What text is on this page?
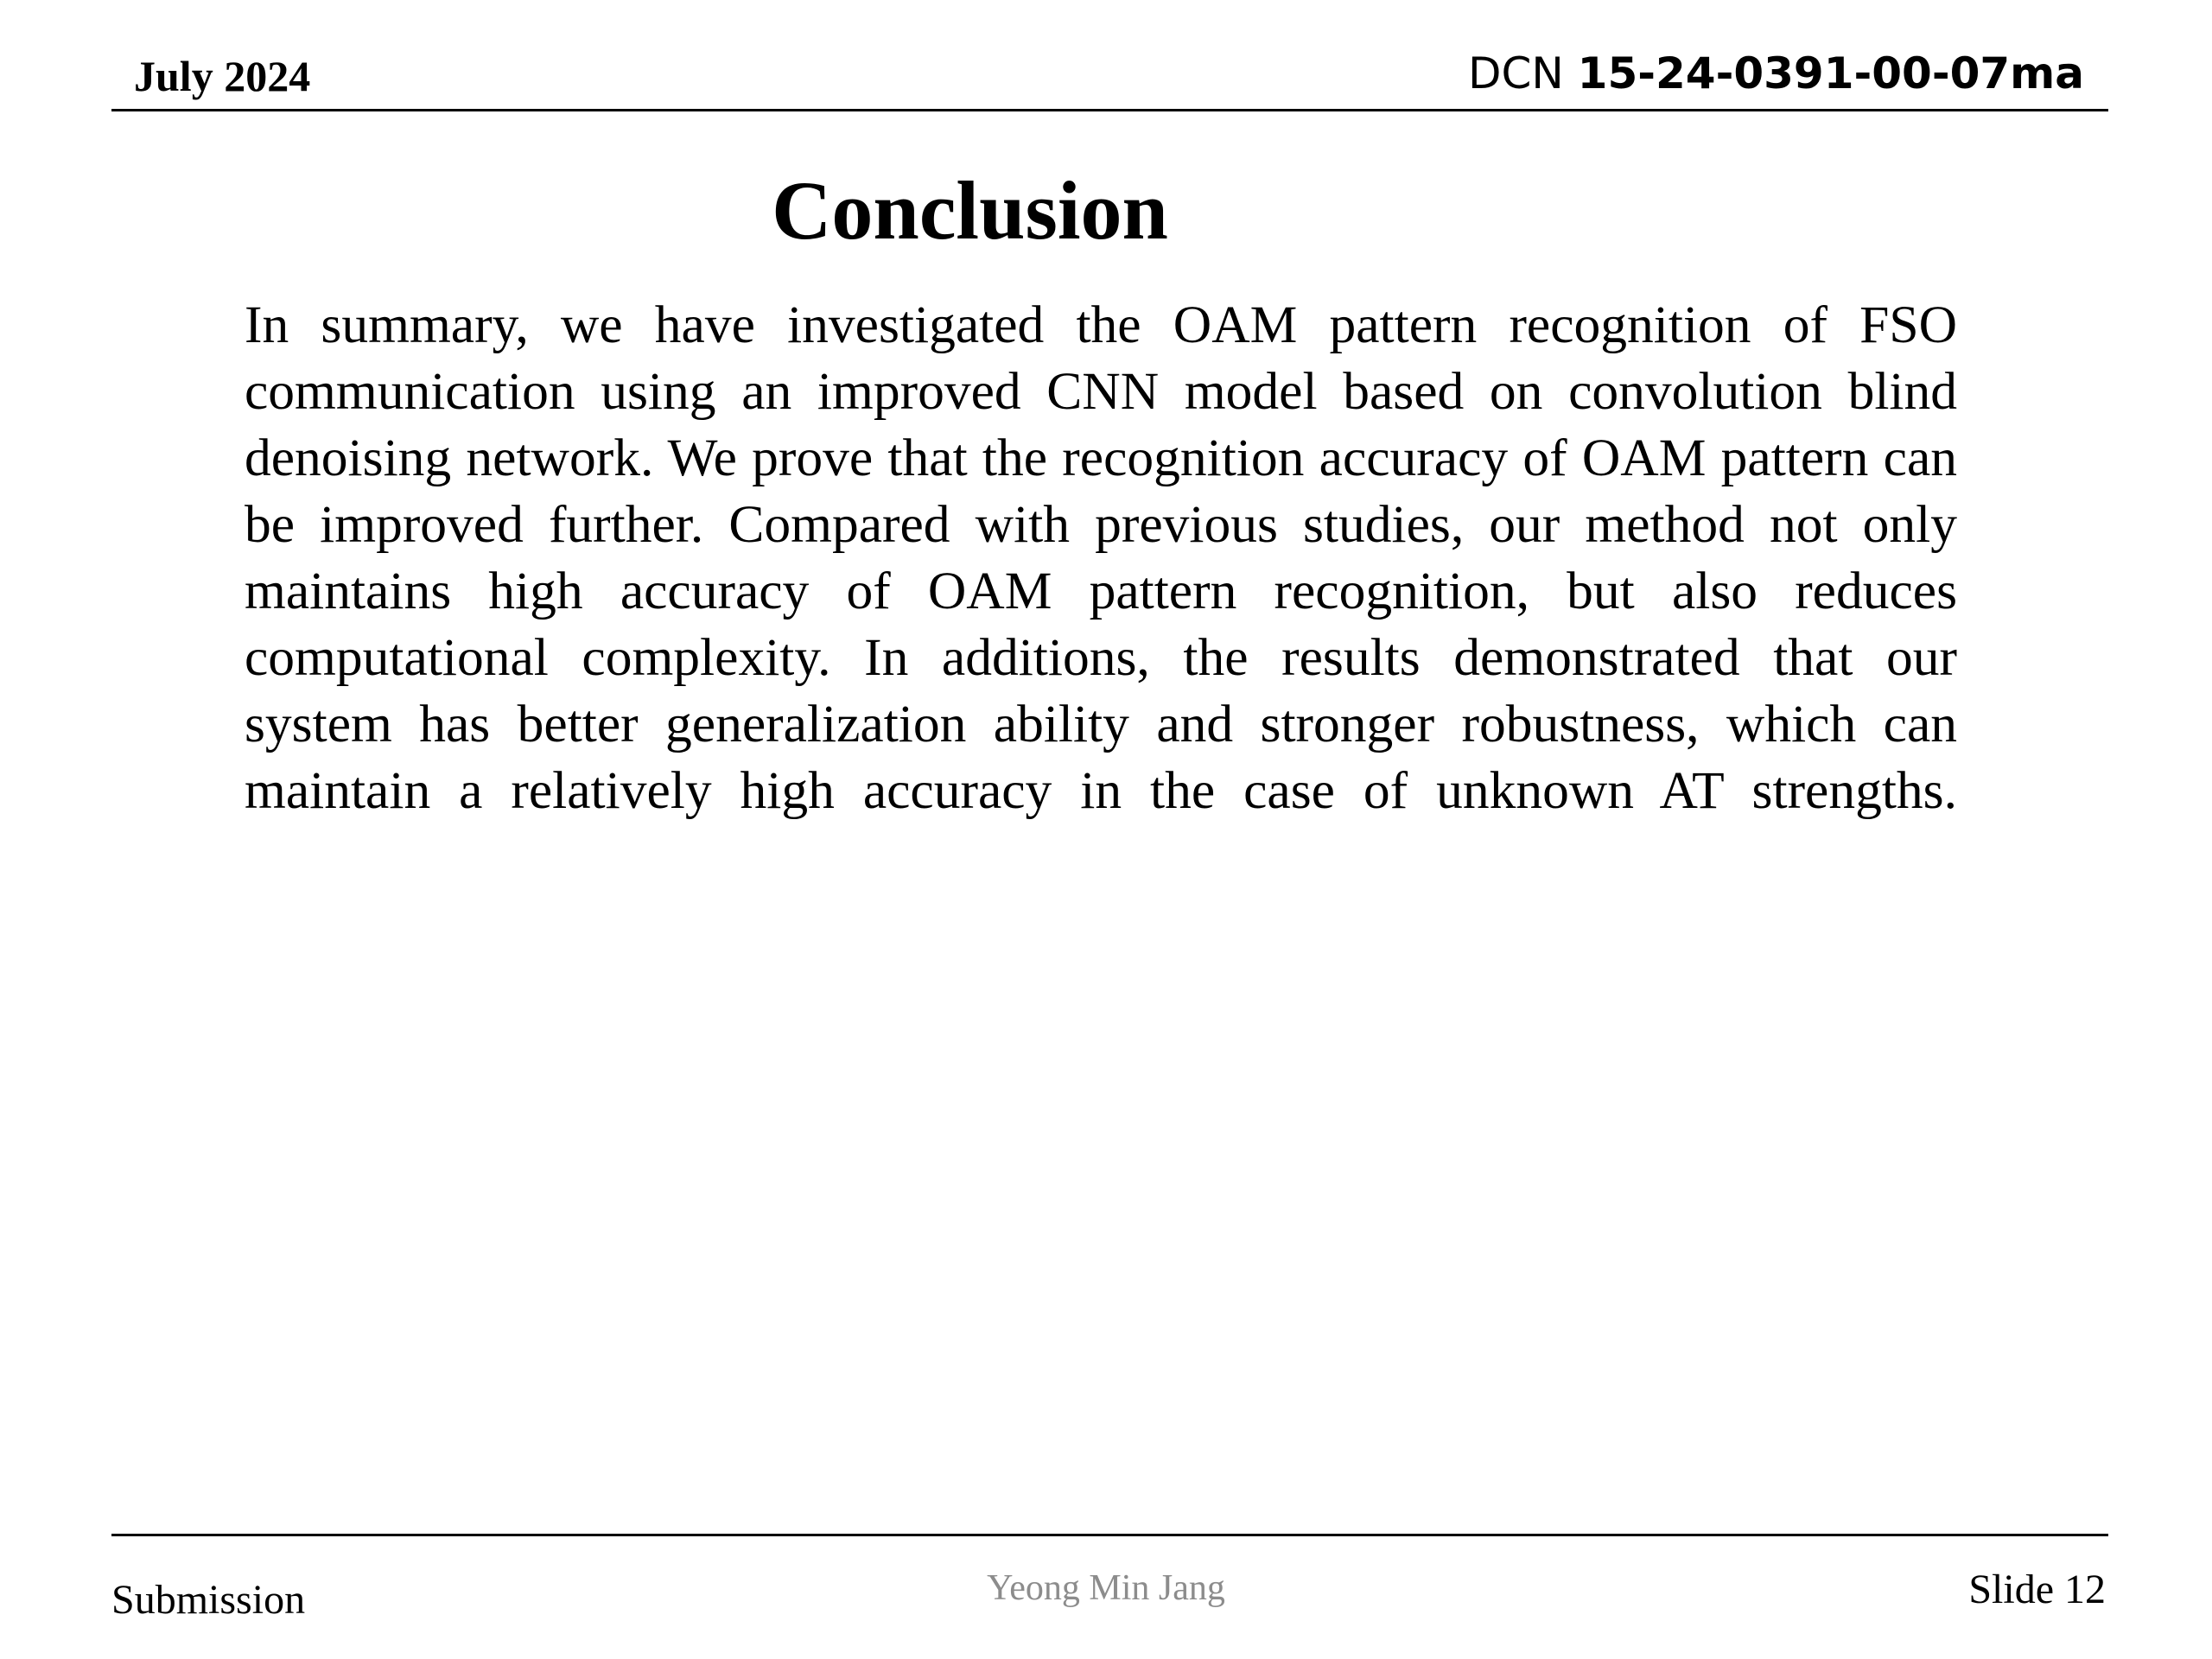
July 2024	DCN 15-24-0391-00-07ma
Conclusion

In summary, we have investigated the OAM pattern recognition of FSO communication using an improved CNN model based on convolution blind denoising network. We prove that the recognition accuracy of OAM pattern can be improved further. Compared with previous studies, our method not only maintains high accuracy of OAM pattern recognition, but also reduces computational complexity. In additions, the results demonstrated that our system has better generalization ability and stronger robustness, which can maintain a relatively high accuracy in the case of unknown AT strengths.

Submission	Yeong Min Jang	Slide 12
